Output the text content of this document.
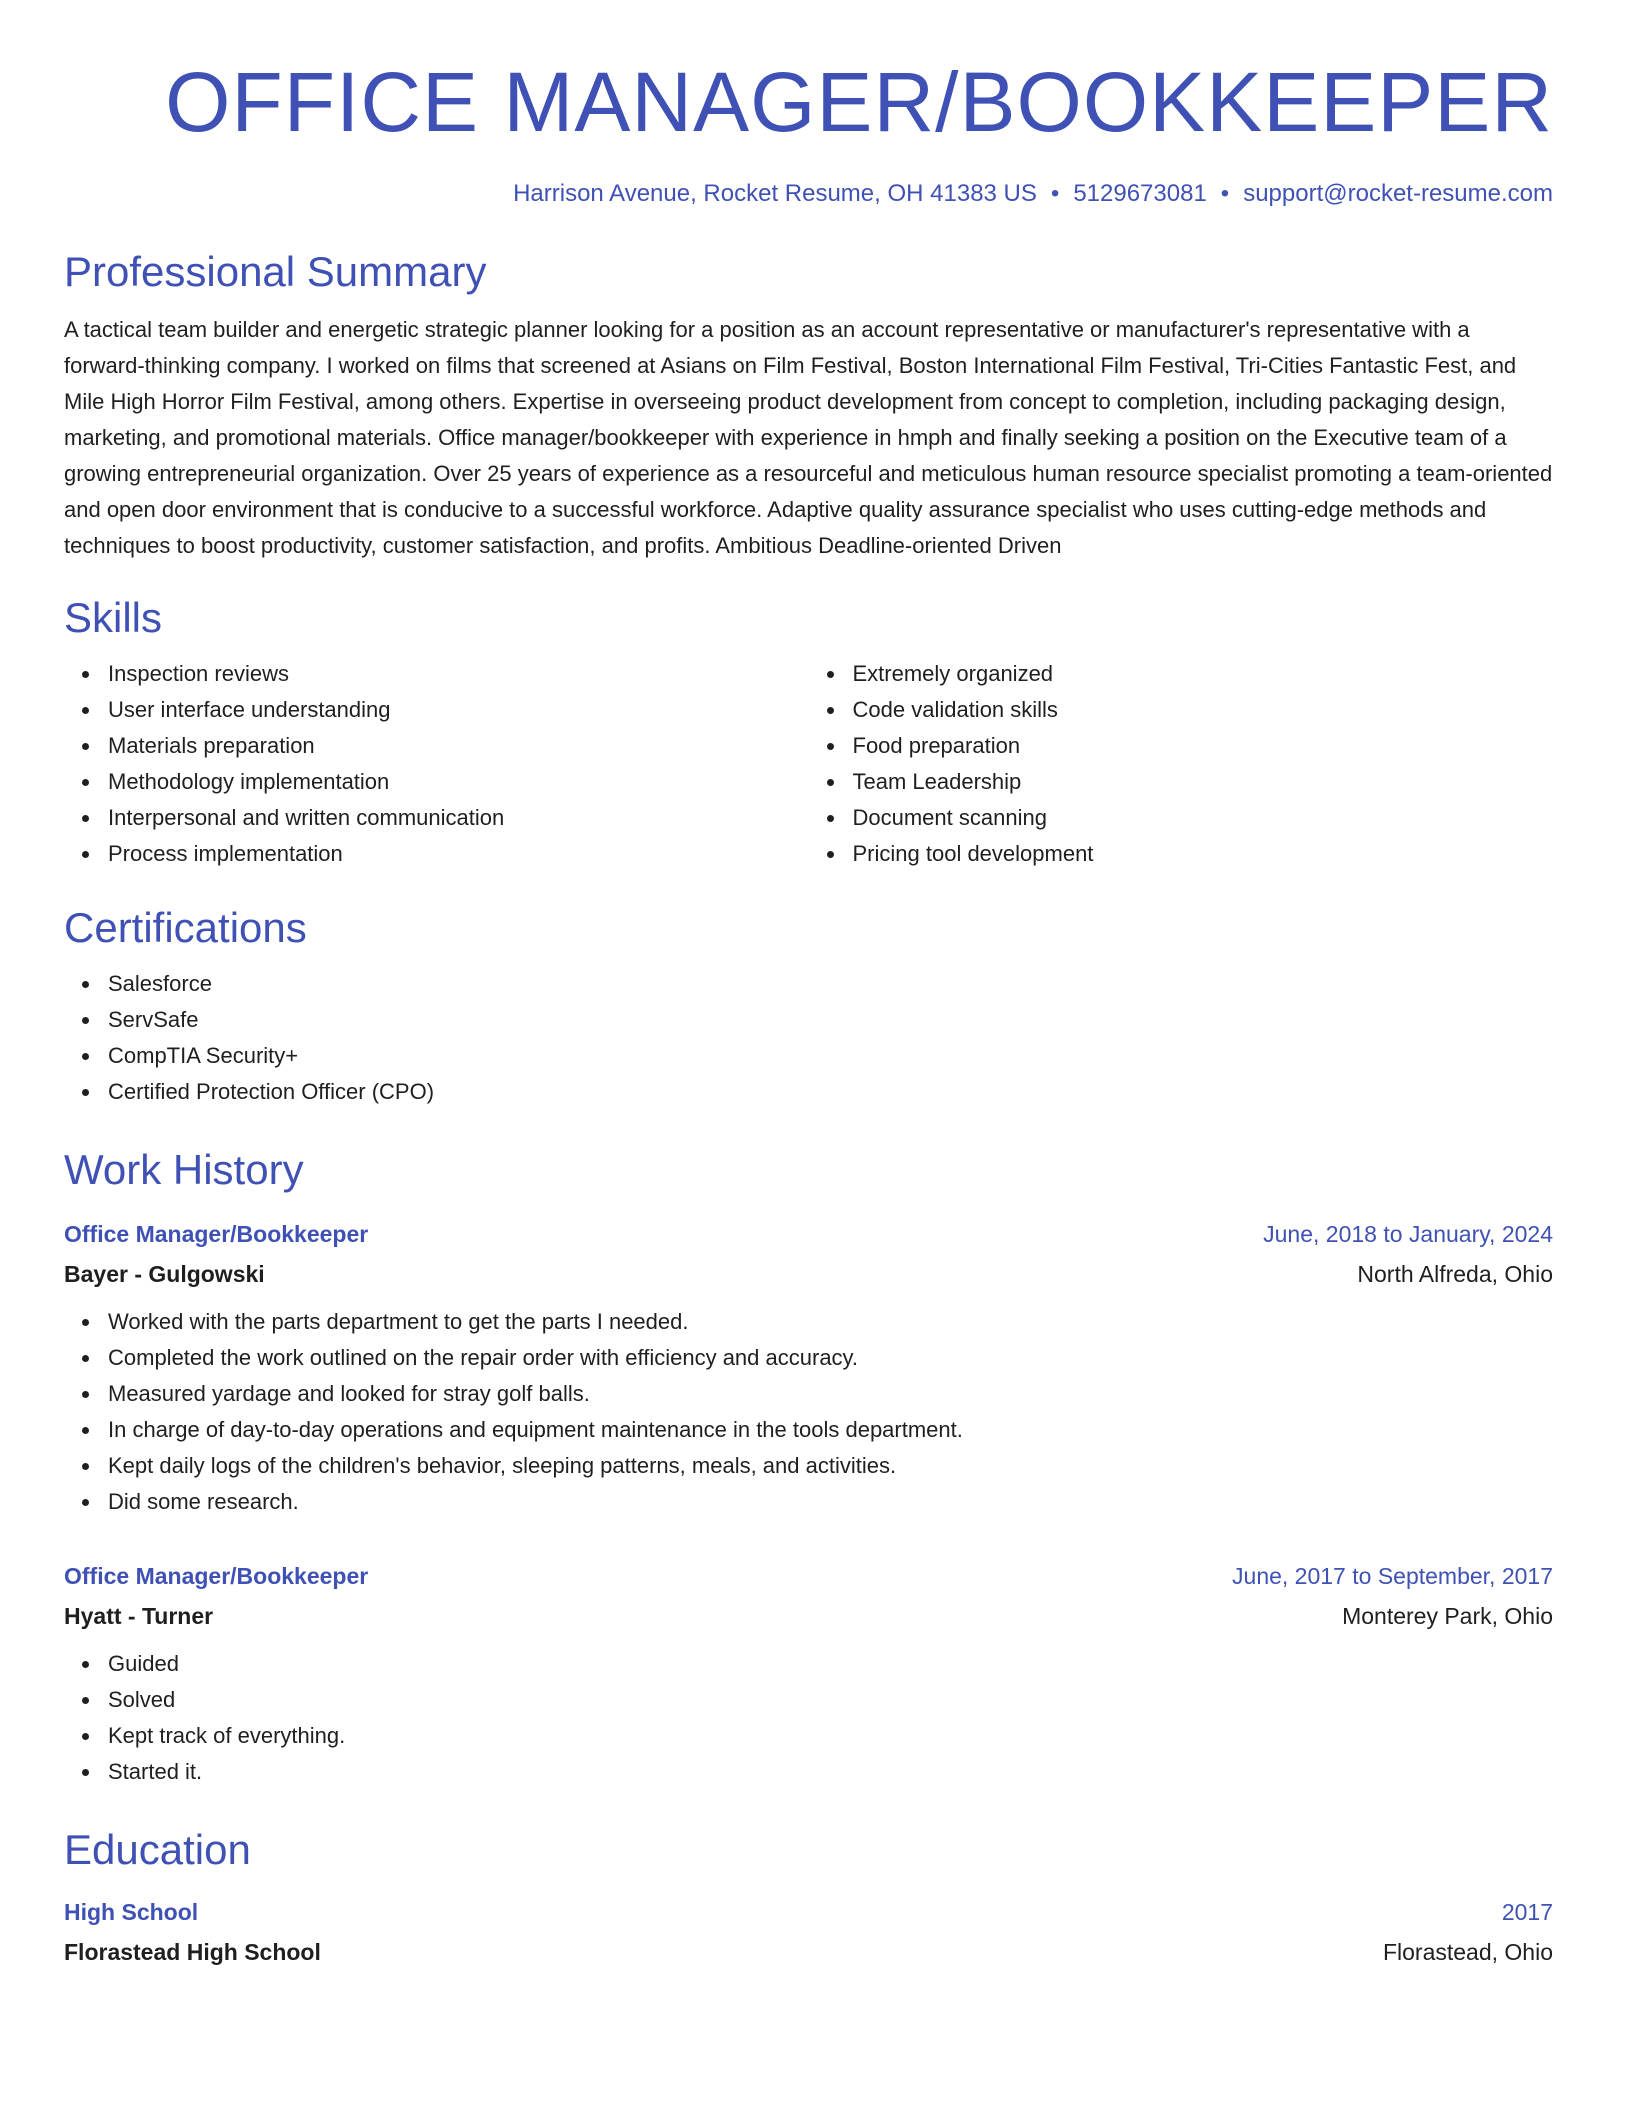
OFFICE MANAGER/BOOKKEEPER
Harrison Avenue, Rocket Resume, OH 41383 US • 5129673081 • support@rocket-resume.com
Professional Summary

A tactical team builder and energetic strategic planner looking for a position as an account representative or manufacturer's representative with a forward-thinking company. I worked on films that screened at Asians on Film Festival, Boston International Film Festival, Tri-Cities Fantastic Fest, and Mile High Horror Film Festival, among others. Expertise in overseeing product development from concept to completion, including packaging design, marketing, and promotional materials. Office manager/bookkeeper with experience in hmph and finally seeking a position on the Executive team of a growing entrepreneurial organization. Over 25 years of experience as a resourceful and meticulous human resource specialist promoting a team-oriented and open door environment that is conducive to a successful workforce. Adaptive quality assurance specialist who uses cutting-edge methods and techniques to boost productivity, customer satisfaction, and profits. Ambitious Deadline-oriented Driven

Skills
Inspection reviews
User interface understanding
Materials preparation
Methodology implementation
Interpersonal and written communication
Process implementation
Extremely organized
Code validation skills
Food preparation
Team Leadership
Document scanning
Pricing tool development
Certifications
Salesforce
ServSafe
CompTIA Security+
Certified Protection Officer (CPO)
Work History
Office Manager/Bookkeeper	June, 2018 to January, 2024
Bayer - Gulgowski	North Alfreda, Ohio
Worked with the parts department to get the parts I needed.
Completed the work outlined on the repair order with efficiency and accuracy.
Measured yardage and looked for stray golf balls.
In charge of day-to-day operations and equipment maintenance in the tools department.
Kept daily logs of the children's behavior, sleeping patterns, meals, and activities.
Did some research.
Office Manager/Bookkeeper	June, 2017 to September, 2017
Hyatt - Turner	Monterey Park, Ohio
Guided
Solved
Kept track of everything.
Started it.
Education
High School	2017
Florastead High School	Florastead, Ohio
